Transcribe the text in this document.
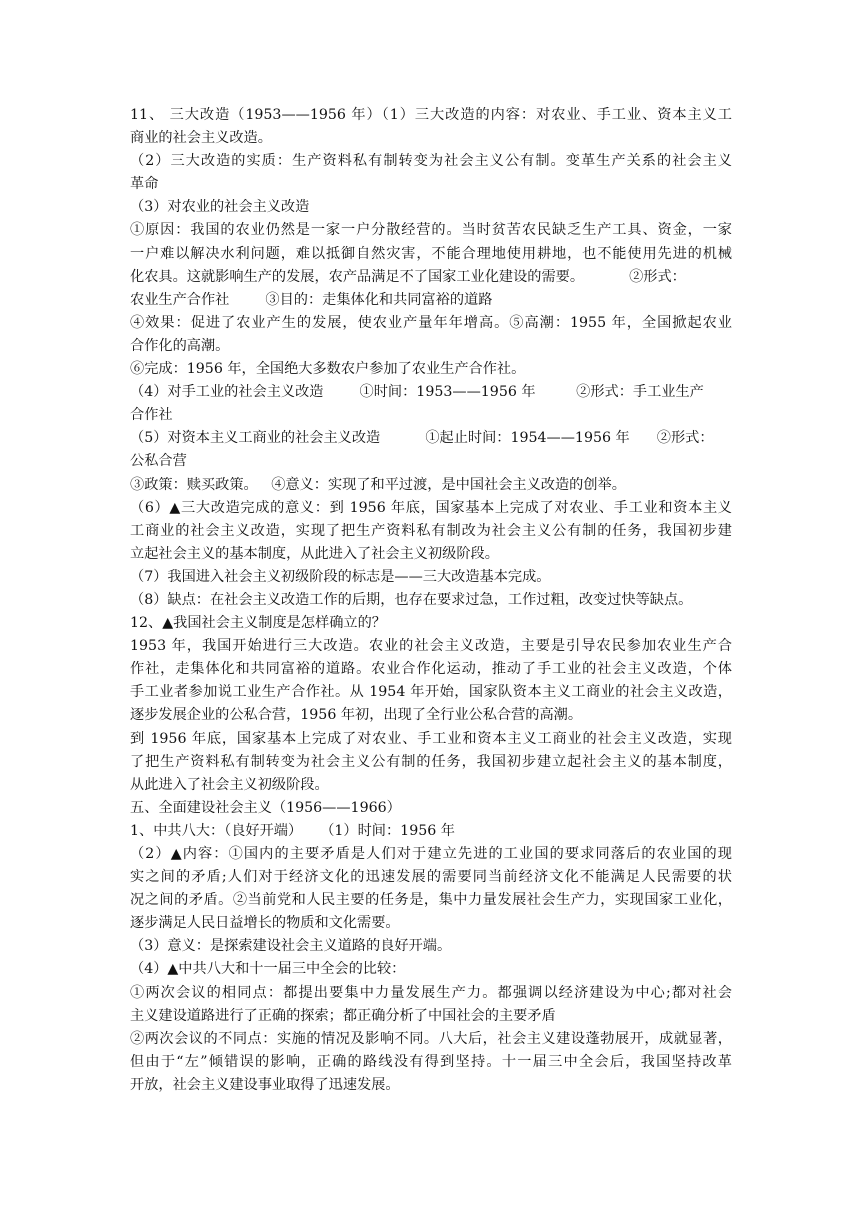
11、 三大改造（1953——1956 年）（1）三大改造的内容：对农业、手工业、资本主义工
商业的社会主义改造。
（2）三大改造的实质：生产资料私有制转变为社会主义公有制。变革生产关系的社会主义
革命
（3）对农业的社会主义改造
①原因：我国的农业仍然是一家一户分散经营的。当时贫苦农民缺乏生产工具、资金，一家
一户难以解决水利问题，难以抵御自然灾害，不能合理地使用耕地，也不能使用先进的机械
化农具。这就影响生产的发展，农产品满足不了国家工业化建设的需要。          ②形式：
农业生产合作社        ③目的：走集体化和共同富裕的道路
④效果：促进了农业产生的发展，使农业产量年年增高。⑤高潮：1955 年，全国掀起农业
合作化的高潮。
⑥完成：1956 年，全国绝大多数农户参加了农业生产合作社。
（4）对手工业的社会主义改造        ①时间：1953——1956 年         ②形式：手工业生产
合作社
（5）对资本主义工商业的社会主义改造          ①起止时间：1954——1956 年      ②形式：
公私合营
③政策：赎买政策。   ④意义：实现了和平过渡，是中国社会主义改造的创举。
（6）▲三大改造完成的意义：到 1956 年底，国家基本上完成了对农业、手工业和资本主义
工商业的社会主义改造，实现了把生产资料私有制改为社会主义公有制的任务，我国初步建
立起社会主义的基本制度，从此进入了社会主义初级阶段。
（7）我国进入社会主义初级阶段的标志是——三大改造基本完成。
（8）缺点：在社会主义改造工作的后期，也存在要求过急，工作过粗，改变过快等缺点。
12、▲我国社会主义制度是怎样确立的？
1953 年，我国开始进行三大改造。农业的社会主义改造，主要是引导农民参加农业生产合
作社，走集体化和共同富裕的道路。农业合作化运动，推动了手工业的社会主义改造，个体
手工业者参加说工业生产合作社。从 1954 年开始，国家队资本主义工商业的社会主义改造，
逐步发展企业的公私合营，1956 年初，出现了全行业公私合营的高潮。
到 1956 年底，国家基本上完成了对农业、手工业和资本主义工商业的社会主义改造，实现
了把生产资料私有制转变为社会主义公有制的任务，我国初步建立起社会主义的基本制度，
从此进入了社会主义初级阶段。
五、全面建设社会主义（1956——1966）
1、中共八大：（良好开端）    （1）时间：1956 年
（2）▲内容：①国内的主要矛盾是人们对于建立先进的工业国的要求同落后的农业国的现
实之间的矛盾;人们对于经济文化的迅速发展的需要同当前经济文化不能满足人民需要的状
况之间的矛盾。②当前党和人民主要的任务是，集中力量发展社会生产力，实现国家工业化，
逐步满足人民日益增长的物质和文化需要。
（3）意义：是探索建设社会主义道路的良好开端。
（4）▲中共八大和十一届三中全会的比较：
①两次会议的相同点：都提出要集中力量发展生产力。都强调以经济建设为中心;都对社会
主义建设道路进行了正确的探索；都正确分析了中国社会的主要矛盾
②两次会议的不同点：实施的情况及影响不同。八大后，社会主义建设蓬勃展开，成就显著，
但由于“左”倾错误的影响，正确的路线没有得到坚持。十一届三中全会后，我国坚持改革
开放，社会主义建设事业取得了迅速发展。
